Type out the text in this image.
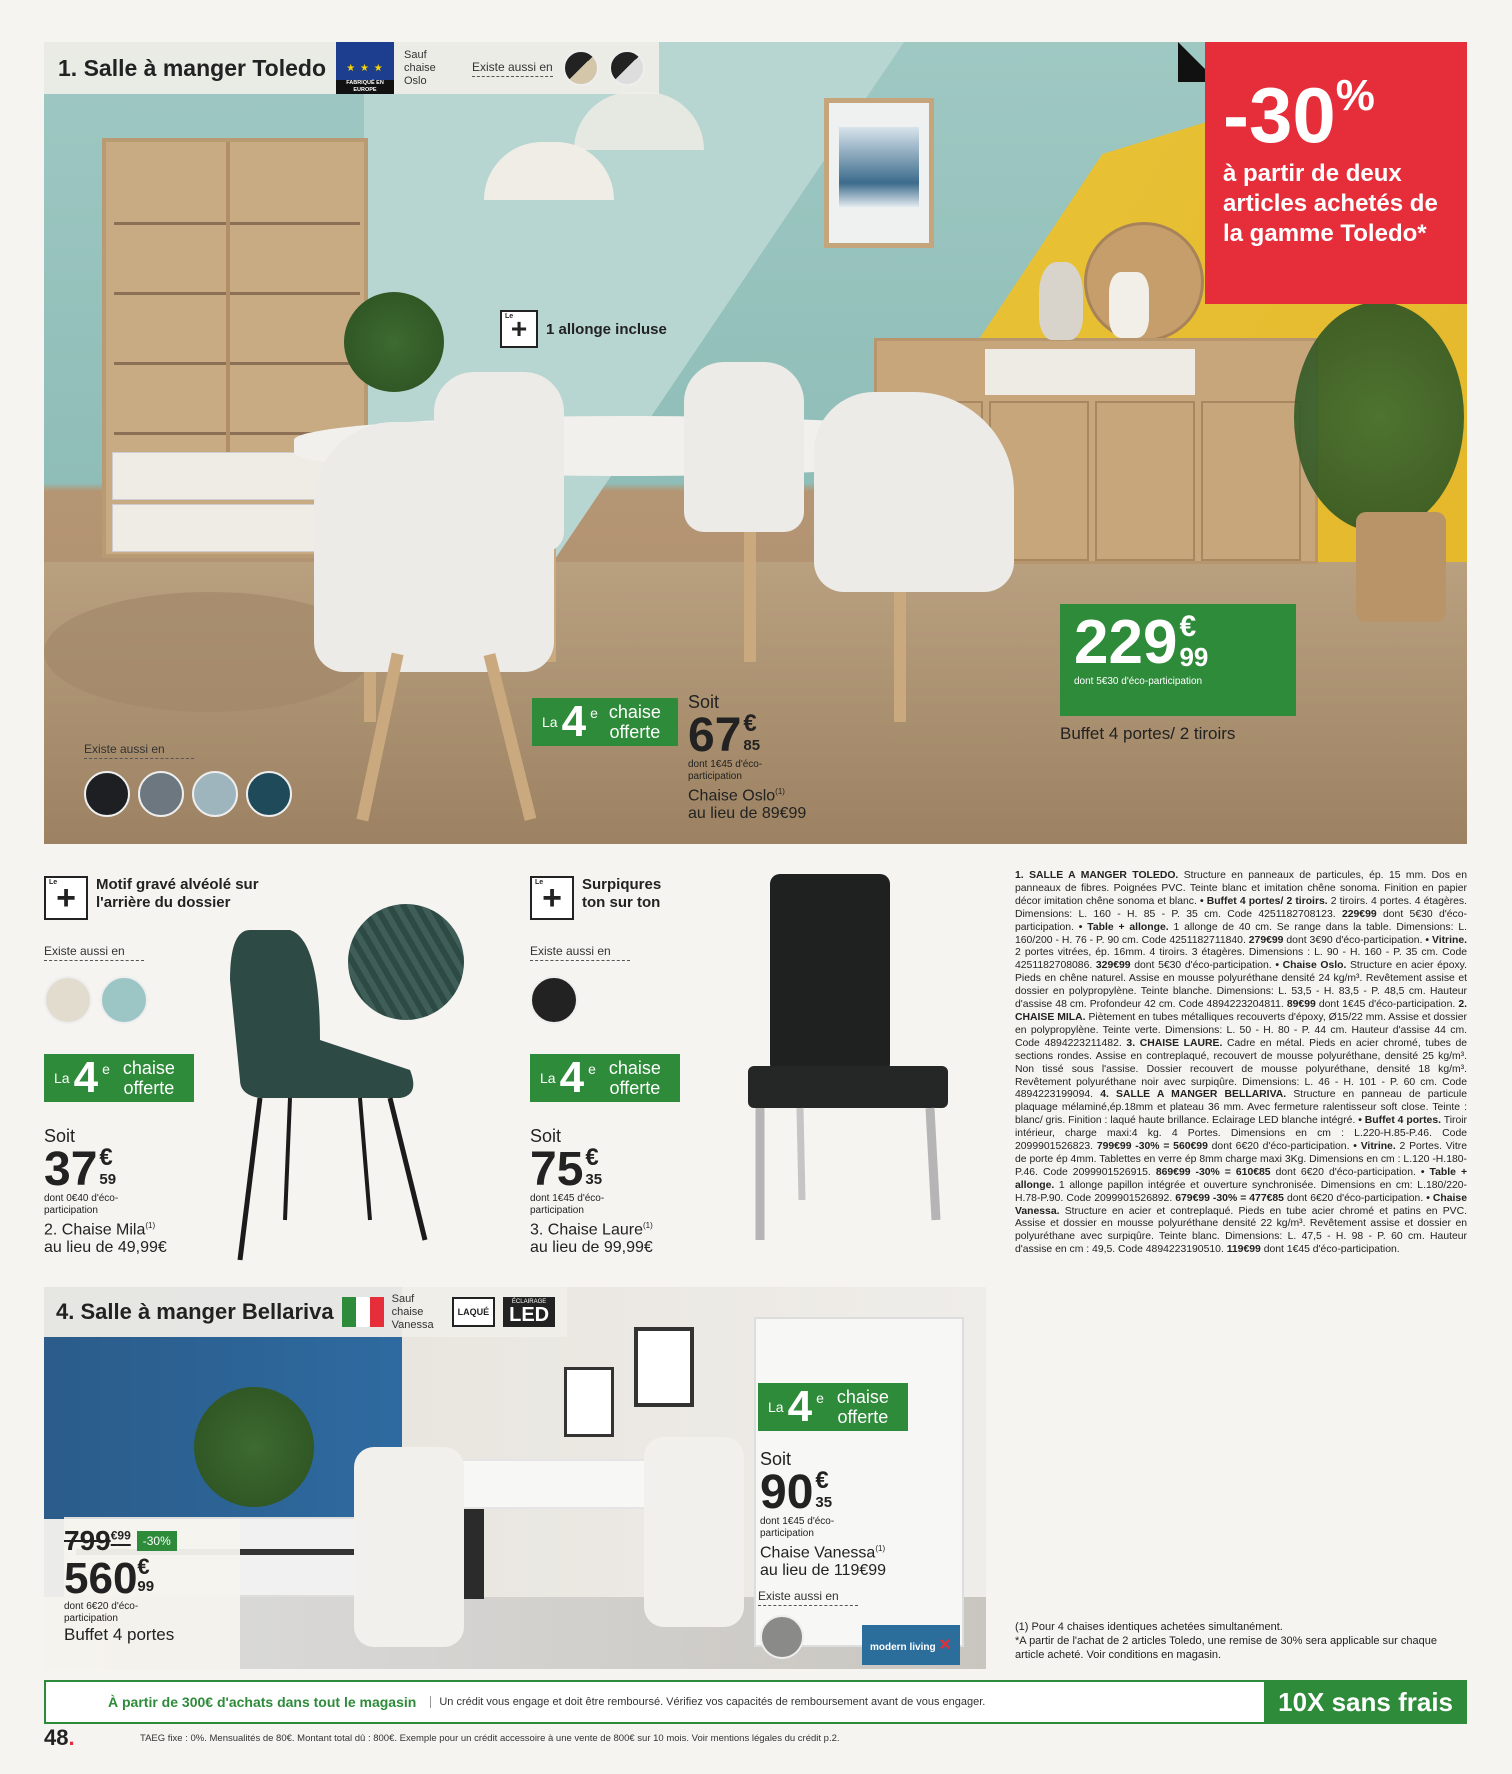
1. Salle à manger Toledo ★ ★ ★
FABRIQUÉ EN EUROPE
Sauf chaise Oslo
Existe aussi en
Le
+	1 allonge incluse
Existe aussi en
229 €
99
dont 5€30 d'éco-participation
Buffet 4 portes/ 2 tiroirs
La 4 e chaise offerte
Soit
67 €
85
dont 1€45 d'éco-participation
Chaise Oslo$^{(1)}$
au lieu de 89€99
-30%
à partir de deux articles achetés de la gamme Toledo*
Le
+	Motif gravé alvéolé sur l'arrière du dossier
Existe aussi en
La 4 e chaise offerte
Soit
37 €
59
dont 0€40 d'éco-participation
2. Chaise Mila$^{(1)}$
au lieu de 49,99€
Le
+	Surpiqures ton sur ton
Existe aussi en
La 4 e chaise offerte
Soit
75 €
35
dont 1€45 d'éco-participation
3. Chaise Laure$^{(1)}$
au lieu de 99,99€
1. SALLE A MANGER TOLEDO. Structure en panneaux de particules, ép. 15 mm. Dos en panneaux de fibres. Poignées PVC. Teinte blanc et imitation chêne sonoma. Finition en papier décor imitation chêne sonoma et blanc. • Buffet 4 portes/ 2 tiroirs. 2 tiroirs. 4 portes. 4 étagères. Dimensions: L. 160 - H. 85 - P. 35 cm. Code 4251182708123. 229€99 dont 5€30 d'éco-participation. • Table + allonge. 1 allonge de 40 cm. Se range dans la table. Dimensions: L. 160/200 - H. 76 - P. 90 cm. Code 4251182711840. 279€99 dont 3€90 d'éco-participation. • Vitrine. 2 portes vitrées, ép. 16mm. 4 tiroirs. 3 étagères. Dimensions : L. 90 - H. 160 - P. 35 cm. Code 4251182708086. 329€99 dont 5€30 d'éco-participation. • Chaise Oslo. Structure en acier époxy. Pieds en chêne naturel. Assise en mousse polyuréthane densité 24 kg/m³. Revêtement assise et dossier en polypropylène. Teinte blanche. Dimensions: L. 53,5 - H. 83,5 - P. 48,5 cm. Hauteur d'assise 48 cm. Profondeur 42 cm. Code 4894223204811. 89€99 dont 1€45 d'éco-participation. 2. CHAISE MILA. Piètement en tubes métalliques recouverts d'époxy, Ø15/22 mm. Assise et dossier en polypropylène. Teinte verte. Dimensions: L. 50 - H. 80 - P. 44 cm. Hauteur d'assise 44 cm. Code 4894223211482. 3. CHAISE LAURE. Cadre en métal. Pieds en acier chromé, tubes de sections rondes. Assise en contreplaqué, recouvert de mousse polyuréthane, densité 25 kg/m³. Non tissé sous l'assise. Dossier recouvert de mousse polyuréthane, densité 18 kg/m³. Revêtement polyuréthane noir avec surpiqûre. Dimensions: L. 46 - H. 101 - P. 60 cm. Code 4894223199094. 4. SALLE A MANGER BELLARIVA. Structure en panneau de particule plaquage mélaminé,ép.18mm et plateau 36 mm. Avec fermeture ralentisseur soft close. Teinte : blanc/ gris. Finition : laqué haute brillance. Eclairage LED blanche intégré. • Buffet 4 portes. Tiroir intérieur, charge maxi:4 kg. 4 Portes. Dimensions en cm : L.220-H.85-P.46. Code 2099901526823. 799€99 -30% = 560€99 dont 6€20 d'éco-participation. • Vitrine. 2 Portes. Vitre de porte ép 4mm. Tablettes en verre ép 8mm charge maxi 3Kg. Dimensions en cm : L.120 -H.180-P.46. Code 2099901526915. 869€99 -30% = 610€85 dont 6€20 d'éco-participation. • Table + allonge. 1 allonge papillon intégrée et ouverture synchronisée. Dimensions en cm: L.180/220-H.78-P.90. Code 2099901526892. 679€99 -30% = 477€85 dont 6€20 d'éco-participation. • Chaise Vanessa. Structure en acier et contreplaqué. Pieds en tube acier chromé et patins en PVC. Assise et dossier en mousse polyuréthane densité 22 kg/m³. Revêtement assise et dossier en polyuréthane avec surpiqûre. Teinte blanc. Dimensions: L. 47,5 - H. 98 - P. 60 cm. Hauteur d'assise en cm : 49,5. Code 4894223190510. 119€99 dont 1€45 d'éco-participation.
4. Salle à manger Bellariva
Sauf chaise Vanessa
LAQUÉ
ÉCLAIRAGE
LED
La 4 e chaise offerte
Soit
90 €
35
dont 1€45 d'éco-participation
Chaise Vanessa$^{(1)}$
au lieu de 119€99
Existe aussi en
modern living ✕
$799^{€99}$	-30%
560 €
99
dont 6€20 d'éco-participation
Buffet 4 portes	(1) Pour 4 chaises identiques achetées simultanément.
*A partir de l'achat de 2 articles Toledo, une remise de 30% sera applicable sur chaque article acheté. Voir conditions en magasin.
À partir de 300€ d'achats dans tout le magasin	Un crédit vous engage et doit être remboursé. Vérifiez vos capacités de remboursement avant de vous engager.	10X sans frais
48.	TAEG fixe : 0%. Mensualités de 80€. Montant total dû : 800€. Exemple pour un crédit accessoire à une vente de 800€ sur 10 mois. Voir mentions légales du crédit p.2.
